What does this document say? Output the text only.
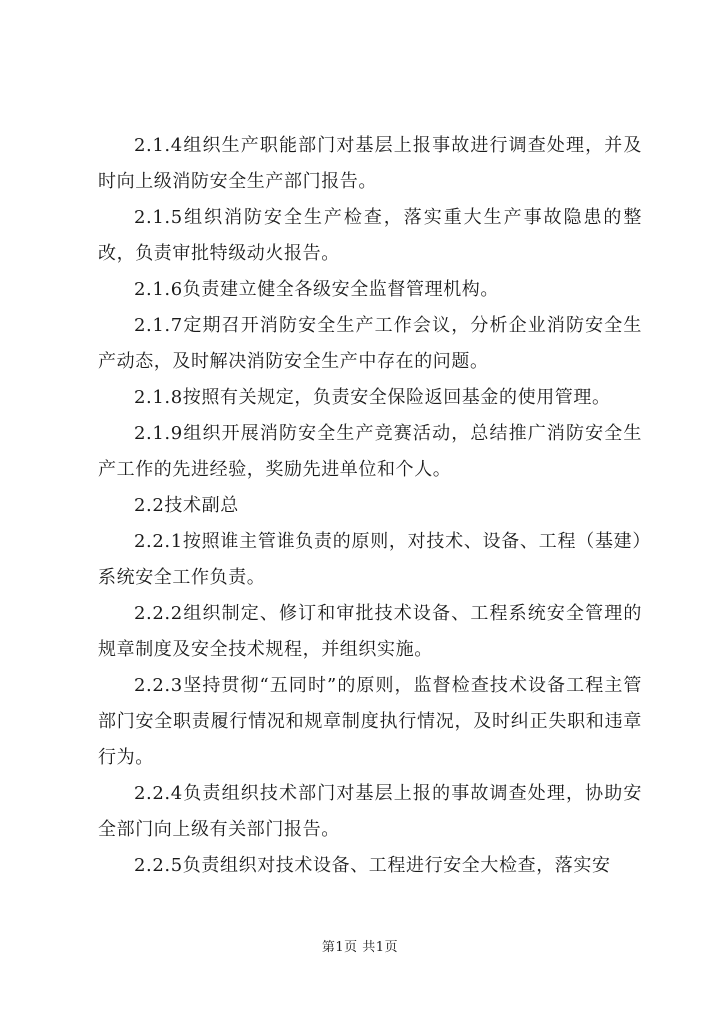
2.1.4组织生产职能部门对基层上报事故进行调查处理，并及时向上级消防安全生产部门报告。

2.1.5组织消防安全生产检查，落实重大生产事故隐患的整改，负责审批特级动火报告。

2.1.6负责建立健全各级安全监督管理机构。

2.1.7定期召开消防安全生产工作会议，分析企业消防安全生产动态，及时解决消防安全生产中存在的问题。

2.1.8按照有关规定，负责安全保险返回基金的使用管理。

2.1.9组织开展消防安全生产竞赛活动，总结推广消防安全生产工作的先进经验，奖励先进单位和个人。

2.2技术副总

2.2.1按照谁主管谁负责的原则，对技术、设备、工程（基建）系统安全工作负责。

2.2.2组织制定、修订和审批技术设备、工程系统安全管理的规章制度及安全技术规程，并组织实施。

2.2.3坚持贯彻“五同时”的原则，监督检查技术设备工程主管部门安全职责履行情况和规章制度执行情况，及时纠正失职和违章行为。

2.2.4负责组织技术部门对基层上报的事故调查处理，协助安全部门向上级有关部门报告。

2.2.5负责组织对技术设备、工程进行安全大检查，落实安

第1页 共1页
